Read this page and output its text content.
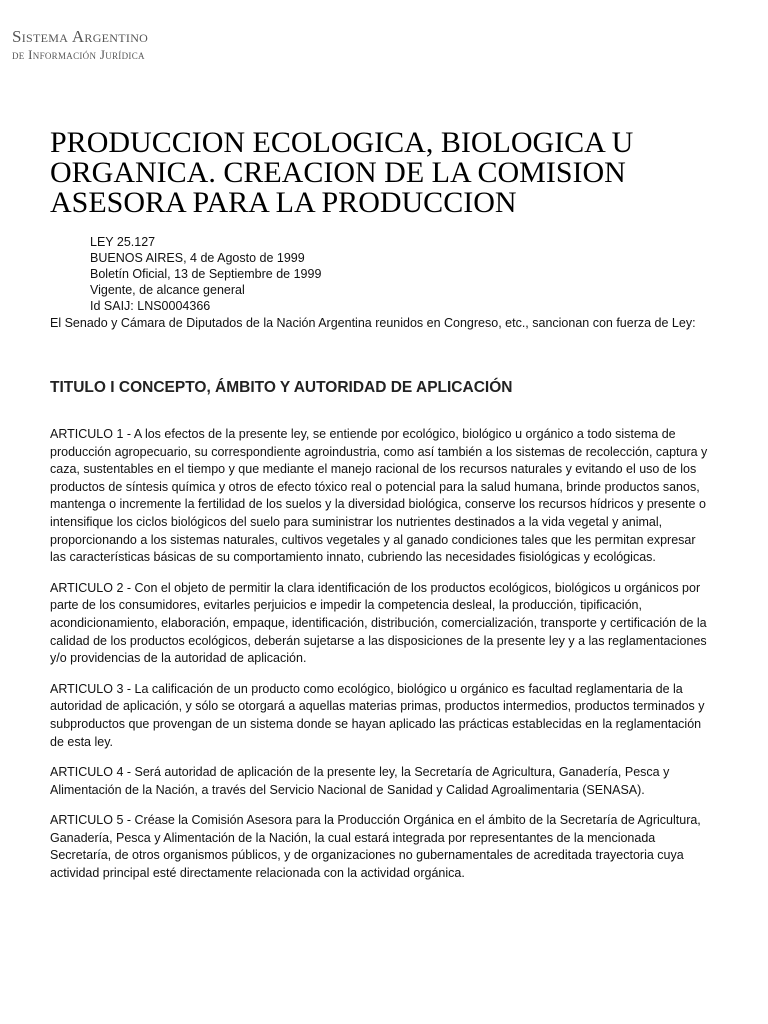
Sistema Argentino
de Información Jurídica
PRODUCCION ECOLOGICA, BIOLOGICA U ORGANICA. CREACION DE LA COMISION ASESORA PARA LA PRODUCCION
LEY 25.127
BUENOS AIRES, 4 de Agosto de 1999
Boletín Oficial, 13 de Septiembre de 1999
Vigente, de alcance general
Id SAIJ: LNS0004366

El Senado y Cámara de Diputados de la Nación Argentina reunidos en Congreso, etc., sancionan con fuerza de Ley:

TITULO I CONCEPTO, ÁMBITO Y AUTORIDAD DE APLICACIÓN

ARTICULO 1 - A los efectos de la presente ley, se entiende por ecológico, biológico u orgánico a todo sistema de producción agropecuario, su correspondiente agroindustria, como así también a los sistemas de recolección, captura y caza, sustentables en el tiempo y que mediante el manejo racional de los recursos naturales y evitando el uso de los productos de síntesis química y otros de efecto tóxico real o potencial para la salud humana, brinde productos sanos, mantenga o incremente la fertilidad de los suelos y la diversidad biológica, conserve los recursos hídricos y presente o intensifique los ciclos biológicos del suelo para suministrar los nutrientes destinados a la vida vegetal y animal, proporcionando a los sistemas naturales, cultivos vegetales y al ganado condiciones tales que les permitan expresar las características básicas de su comportamiento innato, cubriendo las necesidades fisiológicas y ecológicas.

ARTICULO 2 - Con el objeto de permitir la clara identificación de los productos ecológicos, biológicos u orgánicos por parte de los consumidores, evitarles perjuicios e impedir la competencia desleal, la producción, tipificación, acondicionamiento, elaboración, empaque, identificación, distribución, comercialización, transporte y certificación de la calidad de los productos ecológicos, deberán sujetarse a las disposiciones de la presente ley y a las reglamentaciones y/o providencias de la autoridad de aplicación.

ARTICULO 3 - La calificación de un producto como ecológico, biológico u orgánico es facultad reglamentaria de la autoridad de aplicación, y sólo se otorgará a aquellas materias primas, productos intermedios, productos terminados y subproductos que provengan de un sistema donde se hayan aplicado las prácticas establecidas en la reglamentación de esta ley.

ARTICULO 4 - Será autoridad de aplicación de la presente ley, la Secretaría de Agricultura, Ganadería, Pesca y Alimentación de la Nación, a través del Servicio Nacional de Sanidad y Calidad Agroalimentaria (SENASA).

ARTICULO 5 - Créase la Comisión Asesora para la Producción Orgánica en el ámbito de la Secretaría de Agricultura, Ganadería, Pesca y Alimentación de la Nación, la cual estará integrada por representantes de la mencionada Secretaría, de otros organismos públicos, y de organizaciones no gubernamentales de acreditada trayectoria cuya actividad principal esté directamente relacionada con la actividad orgánica.
